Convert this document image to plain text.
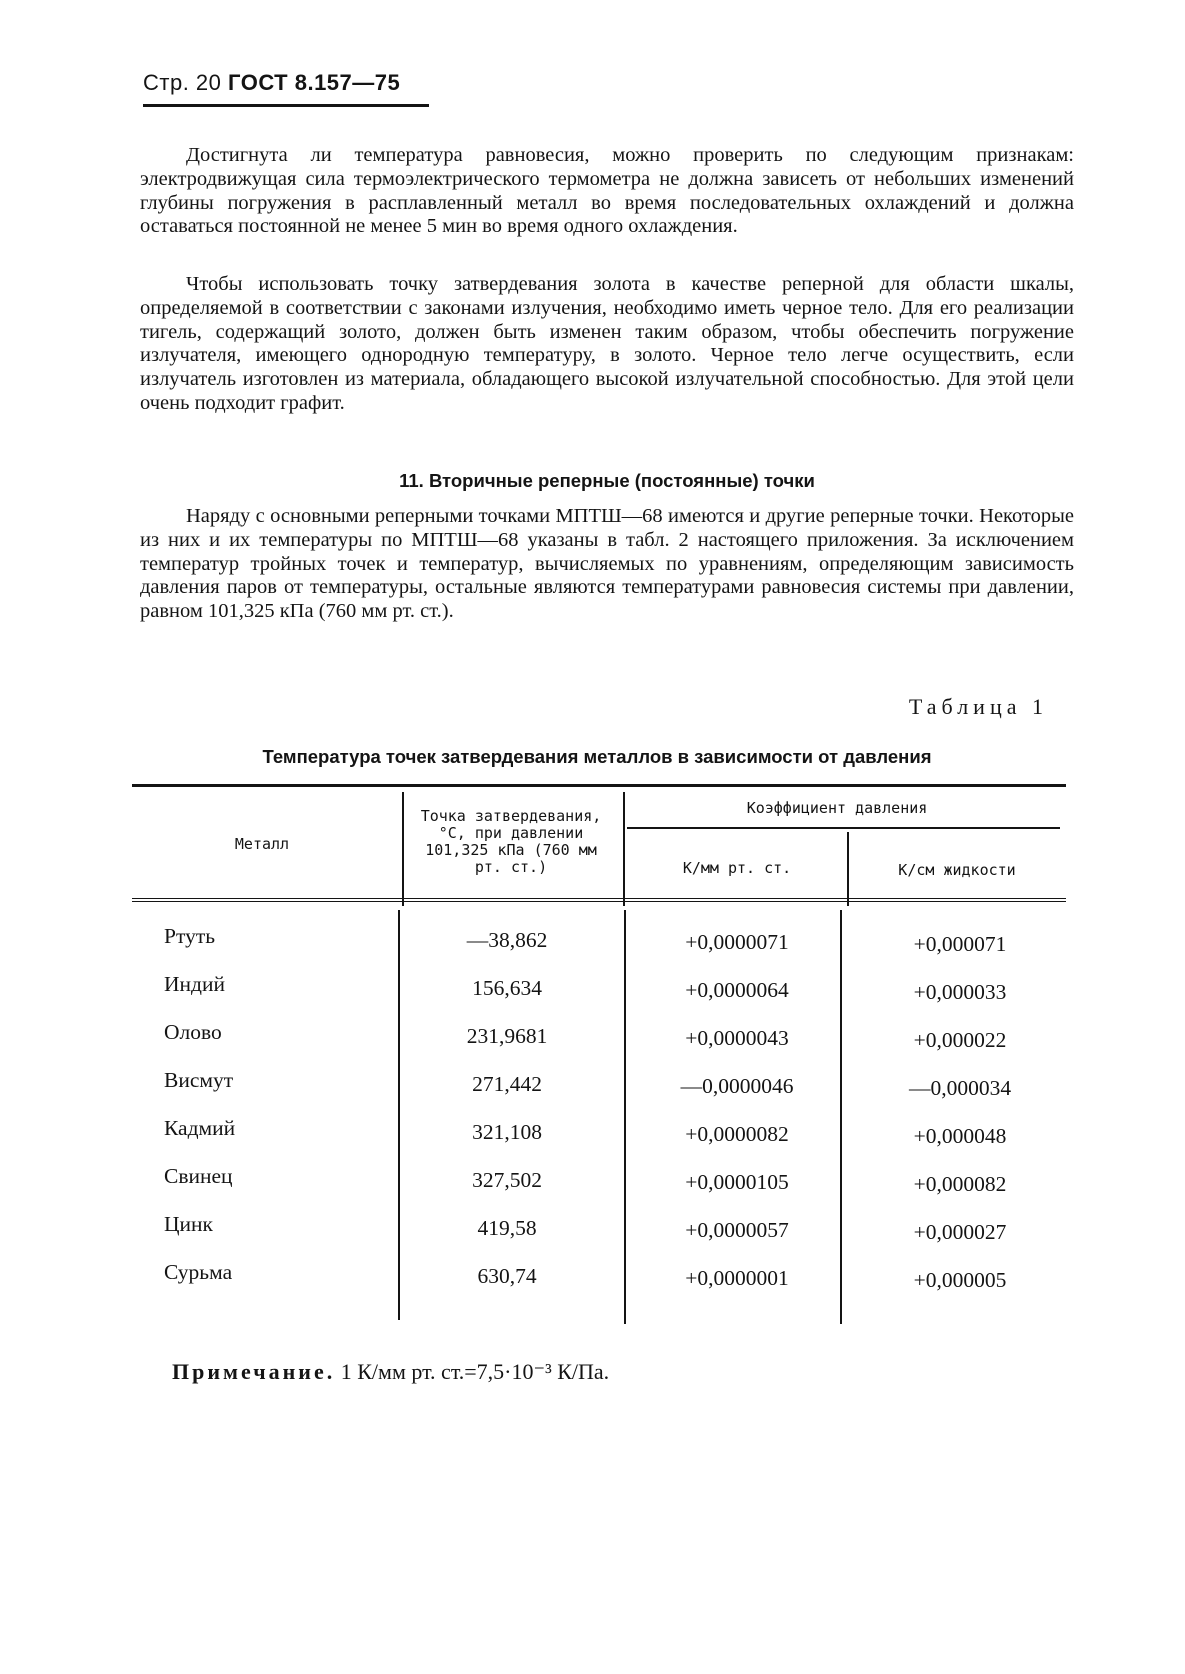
Стр. 20 ГОСТ 8.157—75

Достигнута ли температура равновесия, можно проверить по следующим признакам: электродвижущая сила термоэлектрического термометра не должна зависеть от небольших изменений глубины погружения в расплавленный металл во время последовательных охлаждений и должна оставаться постоянной не менее 5 мин во время одного охлаждения.

Чтобы использовать точку затвердевания золота в качестве реперной для области шкалы, определяемой в соответствии с законами излучения, необходимо иметь черное тело. Для его реализации тигель, содержащий золото, должен быть изменен таким образом, чтобы обеспечить погружение излучателя, имеющего однородную температуру, в золото. Черное тело легче осуществить, если излучатель изготовлен из материала, обладающего высокой излучательной способностью. Для этой цели очень подходит графит.

11. Вторичные реперные (постоянные) точки

Наряду с основными реперными точками МПТШ—68 имеются и другие реперные точки. Некоторые из них и их температуры по МПТШ—68 указаны в табл. 2 настоящего приложения. За исключением температур тройных точек и температур, вычисляемых по уравнениям, определяющим зависимость давления паров от температуры, остальные являются температурами равновесия системы при давлении, равном 101,325 кПа (760 мм рт. ст.).

Таблица 1
Температура точек затвердевания металлов в зависимости от давления
Металл
Точка затвердевания, °С, при давлении 101,325 кПа (760 мм рт. ст.)
Коэффициент давления
К/мм рт. ст.	К/см жидкости
Ртуть	—38,862	+0,0000071	+0,000071
Индий	156,634	+0,0000064	+0,000033
Олово	231,9681	+0,0000043	+0,000022
Висмут	271,442	—0,0000046	—0,000034
Кадмий	321,108	+0,0000082	+0,000048
Свинец	327,502	+0,0000105	+0,000082
Цинк	419,58	+0,0000057	+0,000027
Сурьма	630,74	+0,0000001	+0,000005
Примечание. 1 К/мм рт. ст.=7,5·10⁻³ К/Па.
